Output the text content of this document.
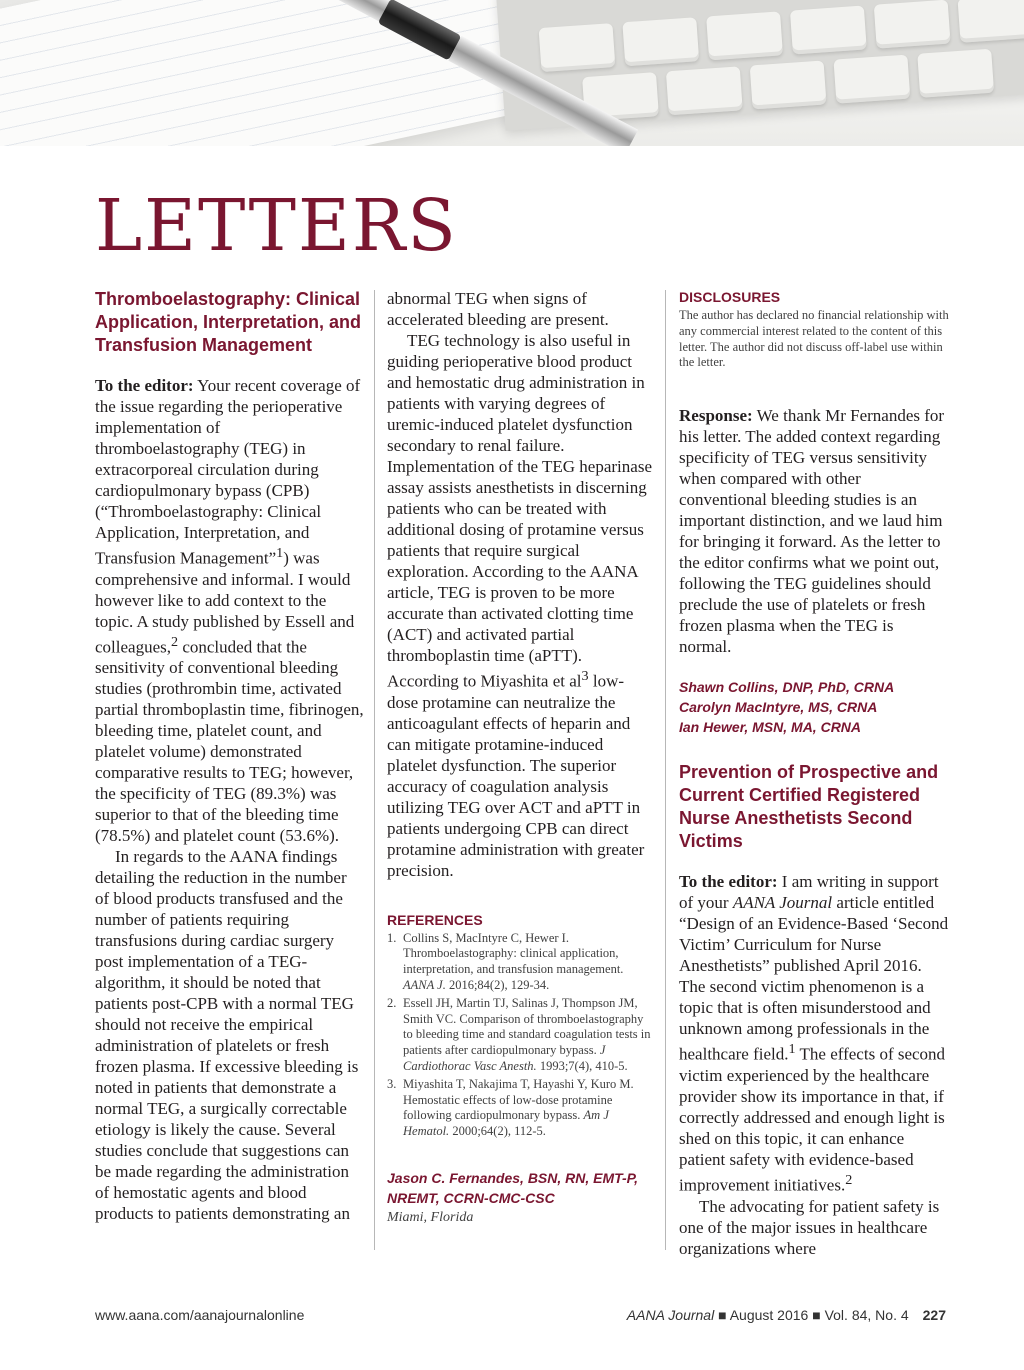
LETTERS
Thromboelastography: Clinical Application, Interpretation, and Transfusion Management

To the editor: Your recent coverage of the issue regarding the perioperative implementation of thromboelastography (TEG) in extracorporeal circulation during cardiopulmonary bypass (CPB) (“Thromboelastography: Clinical Application, Interpretation, and Transfusion Management”$^1$) was comprehensive and informal. I would however like to add context to the topic. A study published by Essell and colleagues,$^2$ concluded that the sensitivity of conventional bleeding studies (prothrombin time, activated partial thromboplastin time, fibrinogen, bleeding time, platelet count, and platelet volume) demonstrated comparative results to TEG; however, the specificity of TEG (89.3%) was superior to that of the bleeding time (78.5%) and platelet count (53.6%).

In regards to the AANA findings detailing the reduction in the number of blood products transfused and the number of patients requiring transfusions during cardiac surgery post implementation of a TEG-algorithm, it should be noted that patients post-CPB with a normal TEG should not receive the empirical administration of platelets or fresh frozen plasma. If excessive bleeding is noted in patients that demonstrate a normal TEG, a surgically correctable etiology is likely the cause. Several studies conclude that suggestions can be made regarding the administration of hemostatic agents and blood products to patients demonstrating an

abnormal TEG when signs of accelerated bleeding are present.

TEG technology is also useful in guiding perioperative blood product and hemostatic drug administration in patients with varying degrees of uremic-induced platelet dysfunction secondary to renal failure. Implementation of the TEG heparinase assay assists anesthetists in discerning patients who can be treated with additional dosing of protamine versus patients that require surgical exploration. According to the AANA article, TEG is proven to be more accurate than activated clotting time (ACT) and activated partial thromboplastin time (aPTT). According to Miyashita et $al^3$ low-dose protamine can neutralize the anticoagulant effects of heparin and can mitigate protamine-induced platelet dysfunction. The superior accuracy of coagulation analysis utilizing TEG over ACT and aPTT in patients undergoing CPB can direct protamine administration with greater precision.

REFERENCES
1. Collins S, MacIntyre C, Hewer I. Thromboelastography: clinical application, interpretation, and transfusion management. AANA J. 2016;84(2), 129-34.
2. Essell JH, Martin TJ, Salinas J, Thompson JM, Smith VC. Comparison of thromboelastography to bleeding time and standard coagulation tests in patients after cardiopulmonary bypass. J Cardiothorac Vasc Anesth. 1993;7(4), 410-5.
3. Miyashita T, Nakajima T, Hayashi Y, Kuro M. Hemostatic effects of low-dose protamine following cardiopulmonary bypass. Am J Hematol. 2000;64(2), 112-5.

Jason C. Fernandes, BSN, RN, EMT-P, NREMT, CCRN-CMC-CSC

Miami, Florida

DISCLOSURES

The author has declared no financial relationship with any commercial interest related to the content of this letter. The author did not discuss off-label use within the letter.

Response: We thank Mr Fernandes for his letter. The added context regarding specificity of TEG versus sensitivity when compared with other conventional bleeding studies is an important distinction, and we laud him for bringing it forward. As the letter to the editor confirms what we point out, following the TEG guidelines should preclude the use of platelets or fresh frozen plasma when the TEG is normal.

Shawn Collins, DNP, PhD, CRNA

Carolyn MacIntyre, MS, CRNA

Ian Hewer, MSN, MA, CRNA

Prevention of Prospective and Current Certified Registered Nurse Anesthetists Second Victims

To the editor: I am writing in support of your AANA Journal article entitled “Design of an Evidence-Based ‘Second Victim’ Curriculum for Nurse Anesthetists” published April 2016. The second victim phenomenon is a topic that is often misunderstood and unknown among professionals in the healthcare field.$^1$ The effects of second victim experienced by the healthcare provider show its importance in that, if correctly addressed and enough light is shed on this topic, it can enhance patient safety with evidence-based improvement initiatives.$^2$

The advocating for patient safety is one of the major issues in healthcare organizations where

www.aana.com/aanajournalonline	AANA Journal ■ August 2016 ■ Vol. 84, No. 4 227
